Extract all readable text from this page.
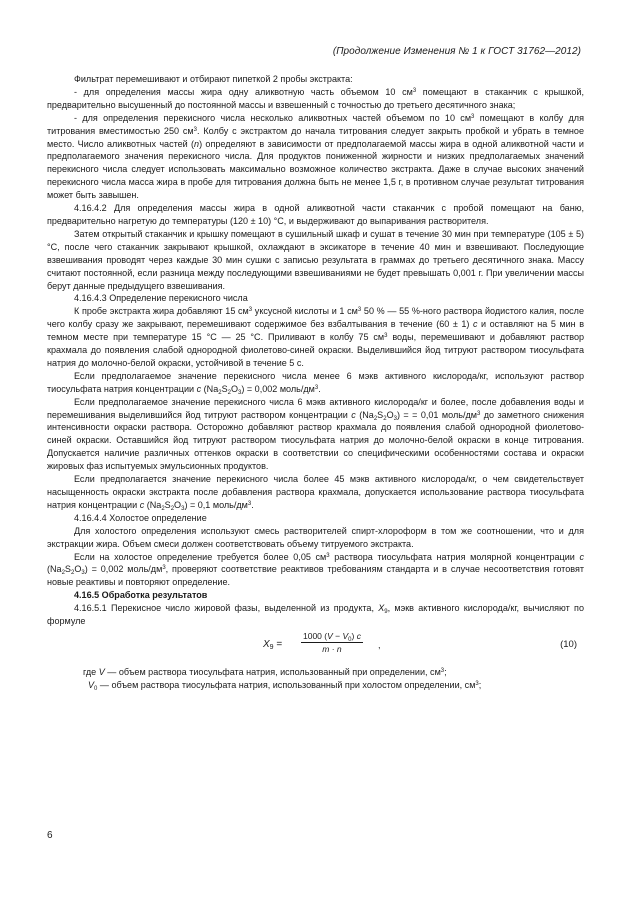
(Продолжение Изменения № 1 к ГОСТ 31762—2012)

Фильтрат перемешивают и отбирают пипеткой 2 пробы экстракта:

- для определения массы жира одну аликвотную часть объемом 10 $см^3$ помещают в стаканчик с крышкой, предварительно высушенный до постоянной массы и взвешенный с точностью до третьего десятичного знака;

- для определения перекисного числа несколько аликвотных частей объемом по 10 $см^3$ помещают в колбу для титрования вместимостью 250 $см^3$. Колбу с экстрактом до начала титрования следует закрыть пробкой и убрать в темное место. Число аликвотных частей (n) определяют в зависимости от предполагаемой массы жира в одной аликвотной части и предполагаемого значения перекисного числа. Для продуктов пониженной жирности и низких предполагаемых значений перекисного числа следует использовать максимально возможное количество экстракта. Даже в случае высоких значений перекисного числа масса жира в пробе для титрования должна быть не менее 1,5 г, в противном случае результат титрования может быть завышен.

4.16.4.2 Для определения массы жира в одной аликвотной части стаканчик с пробой помещают на баню, предварительно нагретую до температуры (120 ± 10) °С, и выдерживают до выпаривания растворителя.

Затем открытый стаканчик и крышку помещают в сушильный шкаф и сушат в течение 30 мин при температуре (105 ± 5) °С, после чего стаканчик закрывают крышкой, охлаждают в эксикаторе в течение 40 мин и взвешивают. Последующие взвешивания проводят через каждые 30 мин сушки с записью результата в граммах до третьего десятичного знака. Массу считают постоянной, если разница между последующими взвешиваниями не будет превышать 0,001 г. При увеличении массы берут данные предыдущего взвешивания.

4.16.4.3 Определение перекисного числа

К пробе экстракта жира добавляют 15 $см^3$ уксусной кислоты и 1 $см^3$ 50 % — 55 %-ного раствора йодистого калия, после чего колбу сразу же закрывают, перемешивают содержимое без взбалтывания в течение (60 ± 1) c и оставляют на 5 мин в темном месте при температуре 15 °С — 25 °С. Приливают в колбу 75 $см^3$ воды, перемешивают и добавляют раствор крахмала до появления слабой однородной фиолетово-синей окраски. Выделившийся йод титруют раствором тиосульфата натрия до молочно-белой окраски, устойчивой в течение 5 с.

Если предполагаемое значение перекисного числа менее 6 мэкв активного кислорода/кг, используют раствор тиосульфата натрия концентрации c $(Na_2S_2O_3) = 0,002$ моль/$дм^3$.

Если предполагаемое значение перекисного числа 6 мэкв активного кислорода/кг и более, после добавления воды и перемешивания выделившийся йод титруют раствором концентрации c $(Na_2S_2O_3)$ = = 0,01 моль/$дм^3$ до заметного снижения интенсивности окраски раствора. Осторожно добавляют раствор крахмала до появления слабой однородной фиолетово-синей окраски. Оставшийся йод титруют раствором тиосульфата натрия до молочно-белой окраски в конце титрования. Допускается наличие различных оттенков окраски в соответствии со специфическими особенностями состава и окраски жировых фаз испытуемых эмульсионных продуктов.

Если предполагается значение перекисного числа более 45 мэкв активного кислорода/кг, о чем свидетельствует насыщенность окраски экстракта после добавления раствора крахмала, допускается использование раствора тиосульфата натрия концентрации c $(Na_2S_2O_3) = 0,1$ моль/$дм^3$.

4.16.4.4 Холостое определение

Для холостого определения используют смесь растворителей спирт-хлороформ в том же соотношении, что и для экстракции жира. Объем смеси должен соответствовать объему титруемого экстракта.

Если на холостое определение требуется более 0,05 $см^3$ раствора тиосульфата натрия молярной концентрации c $(Na_2S_2O_3) = 0,002$ моль/$дм^3$, проверяют соответствие реактивов требованиям стандарта и в случае несоответствия готовят новые реактивы и повторяют определение.

4.16.5 Обработка результатов

4.16.5.1 Перекисное число жировой фазы, выделенной из продукта, $X_9$, мэкв активного кислорода/кг, вычисляют по формуле

$X_9 = \frac{1000 (V - V_0) c}{m \cdot n}$ ,	(10)

где V — объем раствора тиосульфата натрия, использованный при определении, $см^3$;

$V_0$ — объем раствора тиосульфата натрия, использованный при холостом определении, $см^3$;

6
